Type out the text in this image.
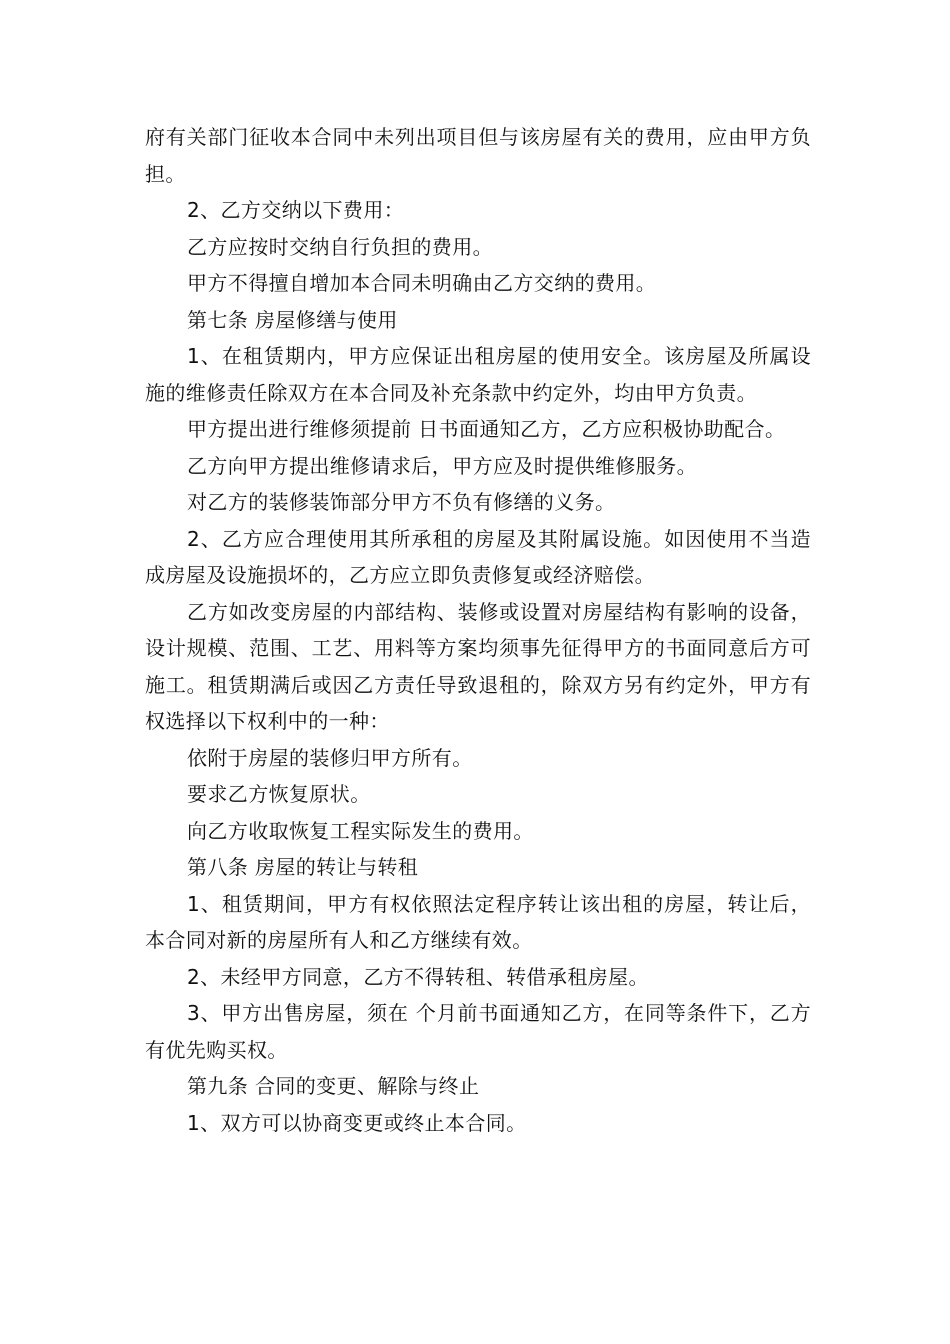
府有关部门征收本合同中未列出项目但与该房屋有关的费用，应由甲方负担。

2、乙方交纳以下费用：

乙方应按时交纳自行负担的费用。

甲方不得擅自增加本合同未明确由乙方交纳的费用。

第七条 房屋修缮与使用

1、在租赁期内，甲方应保证出租房屋的使用安全。该房屋及所属设施的维修责任除双方在本合同及补充条款中约定外，均由甲方负责。

甲方提出进行维修须提前 日书面通知乙方，乙方应积极协助配合。

乙方向甲方提出维修请求后，甲方应及时提供维修服务。

对乙方的装修装饰部分甲方不负有修缮的义务。

2、乙方应合理使用其所承租的房屋及其附属设施。如因使用不当造成房屋及设施损坏的，乙方应立即负责修复或经济赔偿。

乙方如改变房屋的内部结构、装修或设置对房屋结构有影响的设备，设计规模、范围、工艺、用料等方案均须事先征得甲方的书面同意后方可施工。租赁期满后或因乙方责任导致退租的，除双方另有约定外，甲方有权选择以下权利中的一种：

依附于房屋的装修归甲方所有。

要求乙方恢复原状。

向乙方收取恢复工程实际发生的费用。

第八条 房屋的转让与转租

1、租赁期间，甲方有权依照法定程序转让该出租的房屋，转让后，本合同对新的房屋所有人和乙方继续有效。

2、未经甲方同意，乙方不得转租、转借承租房屋。

3、甲方出售房屋，须在 个月前书面通知乙方，在同等条件下，乙方有优先购买权。

第九条 合同的变更、解除与终止

1、双方可以协商变更或终止本合同。
